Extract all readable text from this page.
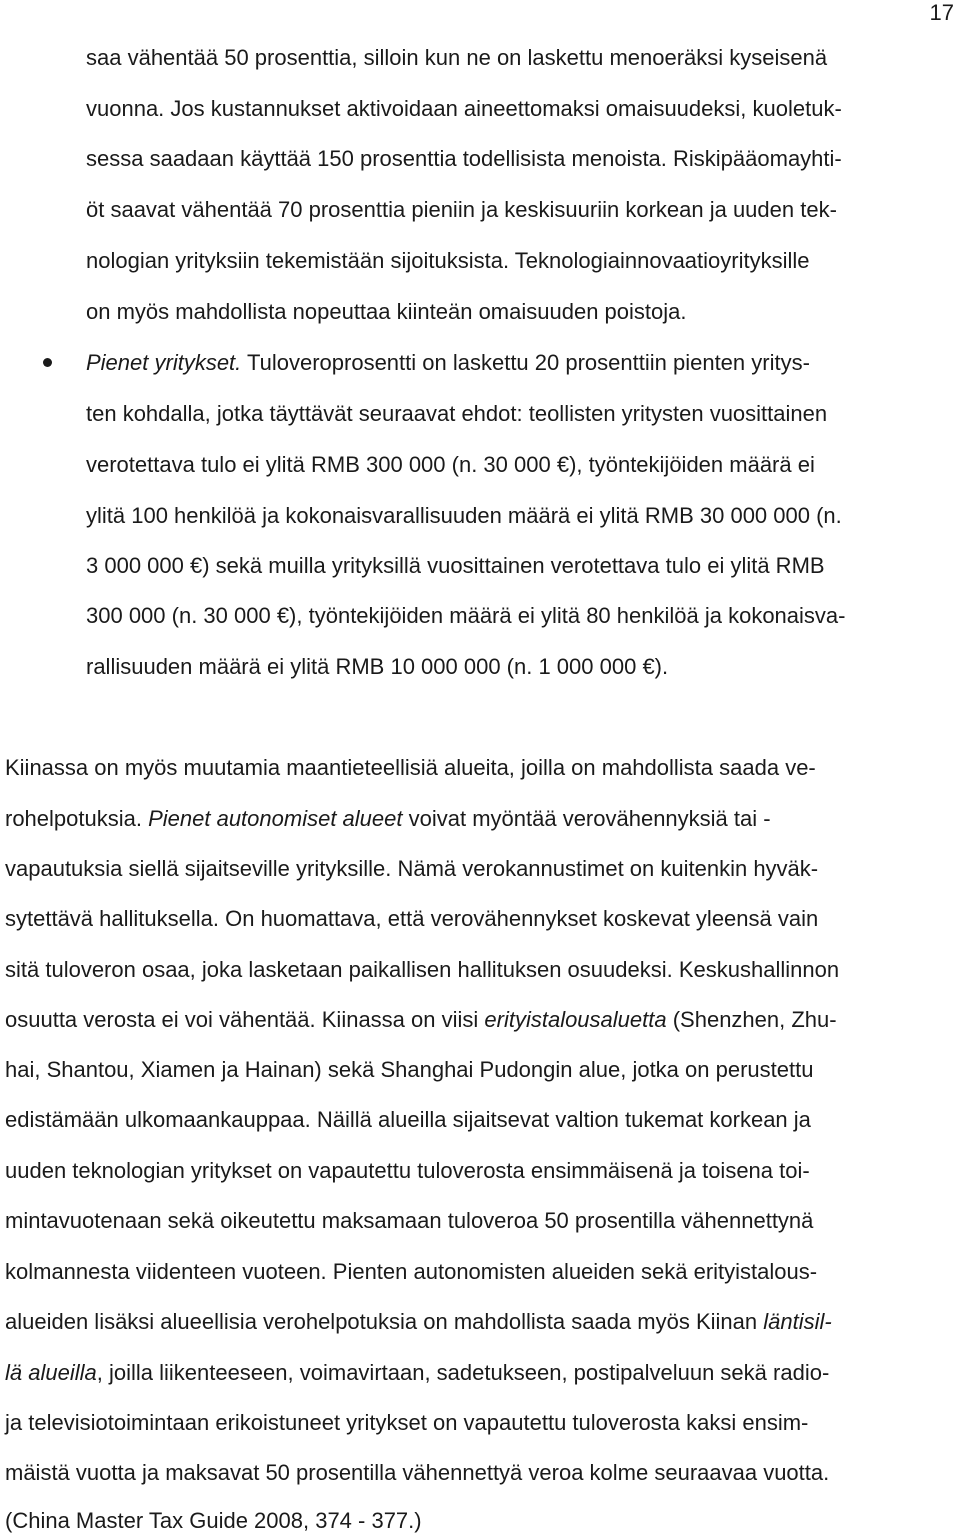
17
saa vähentää 50 prosenttia, silloin kun ne on laskettu menoeräksi kyseisenä
vuonna. Jos kustannukset aktivoidaan aineettomaksi omaisuudeksi, kuoletuk-
sessa saadaan käyttää 150 prosenttia todellisista menoista. Riskipääomayhti-
öt saavat vähentää 70 prosenttia pieniin ja keskisuuriin korkean ja uuden tek-
nologian yrityksiin tekemistään sijoituksista. Teknologiainnovaatioyrityksille
on myös mahdollista nopeuttaa kiinteän omaisuuden poistoja.
Pienet yritykset. Tuloveroprosentti on laskettu 20 prosenttiin pienten yritys-
ten kohdalla, jotka täyttävät seuraavat ehdot: teollisten yritysten vuosittainen
verotettava tulo ei ylitä RMB 300 000 (n. 30 000 €), työntekijöiden määrä ei
ylitä 100 henkilöä ja kokonaisvarallisuuden määrä ei ylitä RMB 30 000 000 (n.
3 000 000 €) sekä muilla yrityksillä vuosittainen verotettava tulo ei ylitä RMB
300 000 (n. 30 000 €), työntekijöiden määrä ei ylitä 80 henkilöä ja kokonaisva-
rallisuuden määrä ei ylitä RMB 10 000 000 (n. 1 000 000 €).
Kiinassa on myös muutamia maantieteellisiä alueita, joilla on mahdollista saada ve-
rohelpotuksia. Pienet autonomiset alueet voivat myöntää verovähennyksiä tai -
vapautuksia siellä sijaitseville yrityksille. Nämä verokannustimet on kuitenkin hyväk-
sytettävä hallituksella. On huomattava, että verovähennykset koskevat yleensä vain
sitä tuloveron osaa, joka lasketaan paikallisen hallituksen osuudeksi. Keskushallinnon
osuutta verosta ei voi vähentää. Kiinassa on viisi erityistalousaluetta (Shenzhen, Zhu-
hai, Shantou, Xiamen ja Hainan) sekä Shanghai Pudongin alue, jotka on perustettu
edistämään ulkomaankauppaa. Näillä alueilla sijaitsevat valtion tukemat korkean ja
uuden teknologian yritykset on vapautettu tuloverosta ensimmäisenä ja toisena toi-
mintavuotenaan sekä oikeutettu maksamaan tuloveroa 50 prosentilla vähennettynä
kolmannesta viidenteen vuoteen. Pienten autonomisten alueiden sekä erityistalous-
alueiden lisäksi alueellisia verohelpotuksia on mahdollista saada myös Kiinan läntisil-
lä alueilla, joilla liikenteeseen, voimavirtaan, sadetukseen, postipalveluun sekä radio-
ja televisiotoimintaan erikoistuneet yritykset on vapautettu tuloverosta kaksi ensim-
mäistä vuotta ja maksavat 50 prosentilla vähennettyä veroa kolme seuraavaa vuotta.
(China Master Tax Guide 2008, 374 - 377.)
